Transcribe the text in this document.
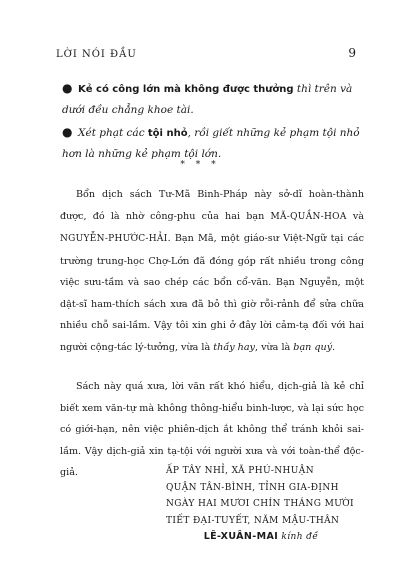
LỜI NÓI ĐẦU	9
● Kẻ có công lớn mà không được thưởng thì trên và dưới đều chẳng khoe tài.
● Xét phạt các tội nhỏ, rồi giết những kẻ phạm tội nhỏ hơn là những kẻ phạm tội lớn.
* * *
Bổn dịch sách Tư-Mã Binh-Pháp này sở-dĩ hoàn-thành được, đó là nhờ công-phu của hai bạn MÃ-QUẦN-HOA và NGUYỄN-PHƯỚC-HẢI. Bạn Mã, một giáo-sư Việt-Ngữ tại các trường trung-học Chợ-Lớn đã đóng góp rất nhiều trong công việc sưu-tầm và sao chép các bổn cổ-văn. Bạn Nguyễn, một dật-sĩ ham-thích sách xưa đã bỏ thì giờ rỗi-rảnh để sửa chữa nhiều chỗ sai-lầm. Vậy tôi xin ghi ở đây lời cảm-tạ đối với hai người cộng-tác lý-tưởng, vừa là thầy hay, vừa là bạn quý.
Sách này quá xưa, lời văn rất khó hiểu, dịch-giả là kẻ chỉ biết xem văn-tự mà không thông-hiểu binh-lược, và lại sức học có giới-hạn, nên việc phiên-dịch ắt không thể tránh khỏi sai-lầm. Vậy dịch-giả xin tạ-tội với người xưa và với toàn-thể độc-giả.	ẤP TÂY NHỈ, XÃ PHÚ-NHUẬN
QUẬN TÂN-BÌNH, TỈNH GIA-ĐỊNH
NGÀY HAI MƯƠI CHÍN THÁNG MƯỜI
TIẾT ĐẠI-TUYẾT, NĂM MẬU-THÂN
LÊ-XUÂN-MAI kính đề
